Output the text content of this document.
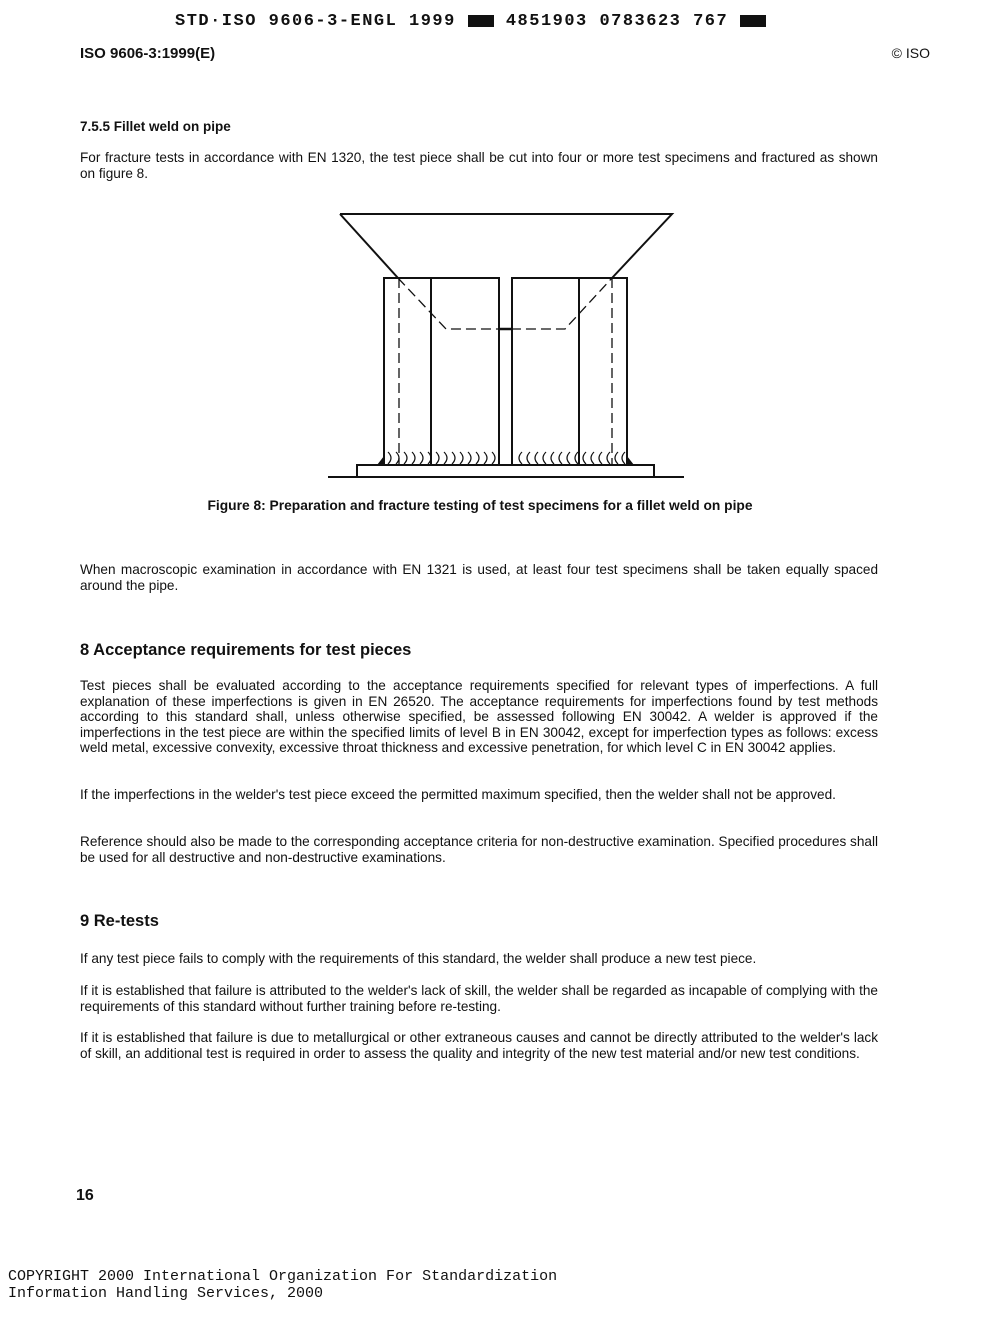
STD·ISO 9606-3-ENGL 1999	4851903 0783623 767
ISO 9606-3:1999(E)	© ISO
7.5.5 Fillet weld on pipe

For fracture tests in accordance with EN 1320, the test piece shall be cut into four or more test specimens and fractured as shown on figure 8.

Figure 8: Preparation and fracture testing of test specimens for a fillet weld on pipe

When macroscopic examination in accordance with EN 1321 is used, at least four test specimens shall be taken equally spaced around the pipe.

8 Acceptance requirements for test pieces

Test pieces shall be evaluated according to the acceptance requirements specified for relevant types of imperfections. A full explanation of these imperfections is given in EN 26520. The acceptance requirements for imperfections found by test methods according to this standard shall, unless otherwise specified, be assessed following EN 30042. A welder is approved if the imperfections in the test piece are within the specified limits of level B in EN 30042, except for imperfection types as follows: excess weld metal, excessive convexity, excessive throat thickness and excessive penetration, for which level C in EN 30042 applies.

If the imperfections in the welder's test piece exceed the permitted maximum specified, then the welder shall not be approved.

Reference should also be made to the corresponding acceptance criteria for non-destructive examination. Specified procedures shall be used for all destructive and non-destructive examinations.

9 Re-tests

If any test piece fails to comply with the requirements of this standard, the welder shall produce a new test piece.

If it is established that failure is attributed to the welder's lack of skill, the welder shall be regarded as incapable of complying with the requirements of this standard without further training before re-testing.

If it is established that failure is due to metallurgical or other extraneous causes and cannot be directly attributed to the welder's lack of skill, an additional test is required in order to assess the quality and integrity of the new test material and/or new test conditions.

16
COPYRIGHT 2000 International Organization For Standardization
Information Handling Services, 2000
